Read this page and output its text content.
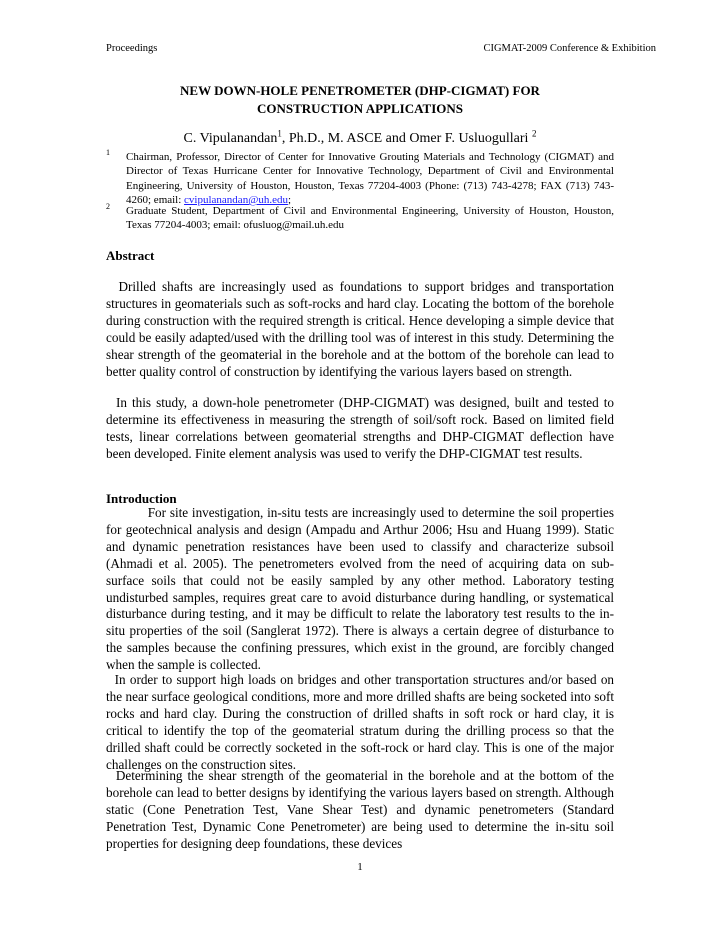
Proceedings	CIGMAT-2009 Conference & Exhibition
NEW DOWN-HOLE PENETROMETER (DHP-CIGMAT) FOR
CONSTRUCTION APPLICATIONS
C. Vipulanandan$^1$, Ph.D., M. ASCE and Omer F. Usluogullari $^2$
1 Chairman, Professor, Director of Center for Innovative Grouting Materials and Technology (CIGMAT) and Director of Texas Hurricane Center for Innovative Technology, Department of Civil and Environmental Engineering, University of Houston, Houston, Texas 77204-4003 (Phone: (713) 743-4278; FAX (713) 743-4260; email: cvipulanandan@uh.edu;
2 Graduate Student, Department of Civil and Environmental Engineering, University of Houston, Houston, Texas 77204-4003; email: ofusluog@mail.uh.edu
Abstract

Drilled shafts are increasingly used as foundations to support bridges and transportation structures in geomaterials such as soft-rocks and hard clay. Locating the bottom of the borehole during construction with the required strength is critical. Hence developing a simple device that could be easily adapted/used with the drilling tool was of interest in this study. Determining the shear strength of the geomaterial in the borehole and at the bottom of the borehole can lead to better quality control of construction by identifying the various layers based on strength.

In this study, a down-hole penetrometer (DHP-CIGMAT) was designed, built and tested to determine its effectiveness in measuring the strength of soil/soft rock. Based on limited field tests, linear correlations between geomaterial strengths and DHP-CIGMAT deflection have been developed. Finite element analysis was used to verify the DHP-CIGMAT test results.

Introduction

For site investigation, in-situ tests are increasingly used to determine the soil properties for geotechnical analysis and design (Ampadu and Arthur 2006; Hsu and Huang 1999). Static and dynamic penetration resistances have been used to classify and characterize subsoil (Ahmadi et al. 2005). The penetrometers evolved from the need of acquiring data on sub-surface soils that could not be easily sampled by any other method. Laboratory testing undisturbed samples, requires great care to avoid disturbance during handling, or systematical disturbance during testing, and it may be difficult to relate the laboratory test results to the in-situ properties of the soil (Sanglerat 1972). There is always a certain degree of disturbance to the samples because the confining pressures, which exist in the ground, are forcibly changed when the sample is collected.

In order to support high loads on bridges and other transportation structures and/or based on the near surface geological conditions, more and more drilled shafts are being socketed into soft rocks and hard clay. During the construction of drilled shafts in soft rock or hard clay, it is critical to identify the top of the geomaterial stratum during the drilling process so that the drilled shaft could be correctly socketed in the soft-rock or hard clay. This is one of the major challenges on the construction sites.

Determining the shear strength of the geomaterial in the borehole and at the bottom of the borehole can lead to better designs by identifying the various layers based on strength. Although static (Cone Penetration Test, Vane Shear Test) and dynamic penetrometers (Standard Penetration Test, Dynamic Cone Penetrometer) are being used to determine the in-situ soil properties for designing deep foundations, these devices

1
